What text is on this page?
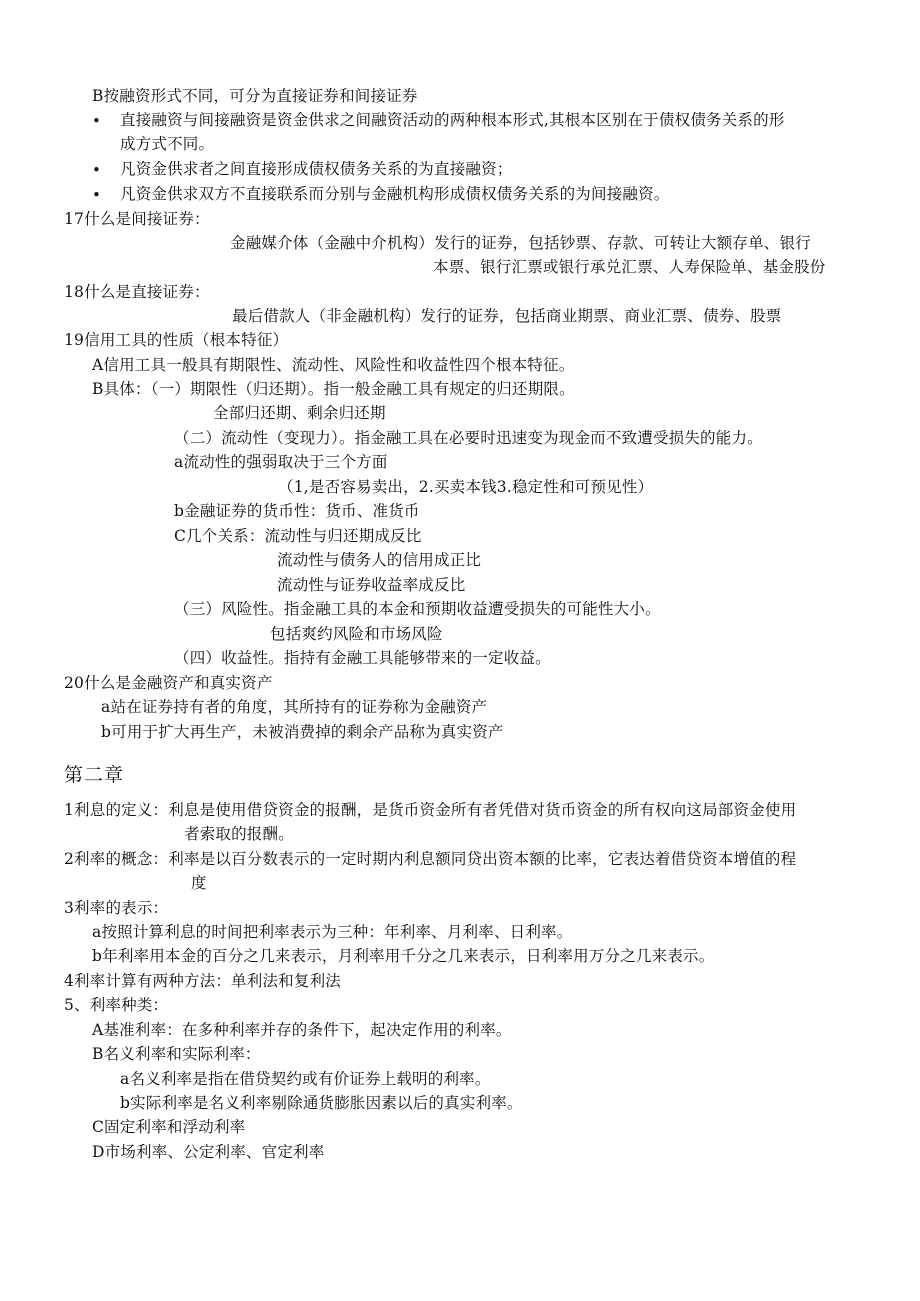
B按融资形式不同，可分为直接证券和间接证券
• 直接融资与间接融资是资金供求之间融资活动的两种根本形式,其根本区别在于债权债务关系的形
成方式不同。
• 凡资金供求者之间直接形成债权债务关系的为直接融资；
• 凡资金供求双方不直接联系而分别与金融机构形成债权债务关系的为间接融资。
17什么是间接证券：
金融媒介体（金融中介机构）发行的证券，包括钞票、存款、可转让大额存单、银行
本票、银行汇票或银行承兑汇票、人寿保险单、基金股份
18什么是直接证券：
最后借款人（非金融机构）发行的证券，包括商业期票、商业汇票、债券、股票
19信用工具的性质（根本特征）
A信用工具一般具有期限性、流动性、风险性和收益性四个根本特征。
B具体：（一）期限性（归还期）。指一般金融工具有规定的归还期限。
全部归还期、剩余归还期
（二）流动性（变现力）。指金融工具在必要时迅速变为现金而不致遭受损失的能力。
a流动性的强弱取决于三个方面
（1,是否容易卖出，2.买卖本钱3.稳定性和可预见性）
b金融证券的货币性：货币、准货币
C几个关系：流动性与归还期成反比
流动性与债务人的信用成正比
流动性与证券收益率成反比
（三）风险性。指金融工具的本金和预期收益遭受损失的可能性大小。
包括爽约风险和市场风险
（四）收益性。指持有金融工具能够带来的一定收益。
20什么是金融资产和真实资产
a站在证券持有者的角度，其所持有的证券称为金融资产
b可用于扩大再生产，未被消费掉的剩余产品称为真实资产
第二章
1利息的定义：利息是使用借贷资金的报酬，是货币资金所有者凭借对货币资金的所有权向这局部资金使用
者索取的报酬。
2利率的概念：利率是以百分数表示的一定时期内利息额同贷出资本额的比率，它表达着借贷资本增值的程
度
3利率的表示：
a按照计算利息的时间把利率表示为三种：年利率、月利率、日利率。
b年利率用本金的百分之几来表示，月利率用千分之几来表示，日利率用万分之几来表示。
4利率计算有两种方法：单利法和复利法
5、利率种类：
A基准利率：在多种利率并存的条件下，起决定作用的利率。
B名义利率和实际利率：
a名义利率是指在借贷契约或有价证券上载明的利率。
b实际利率是名义利率剔除通货膨胀因素以后的真实利率。
C固定利率和浮动利率
D市场利率、公定利率、官定利率
